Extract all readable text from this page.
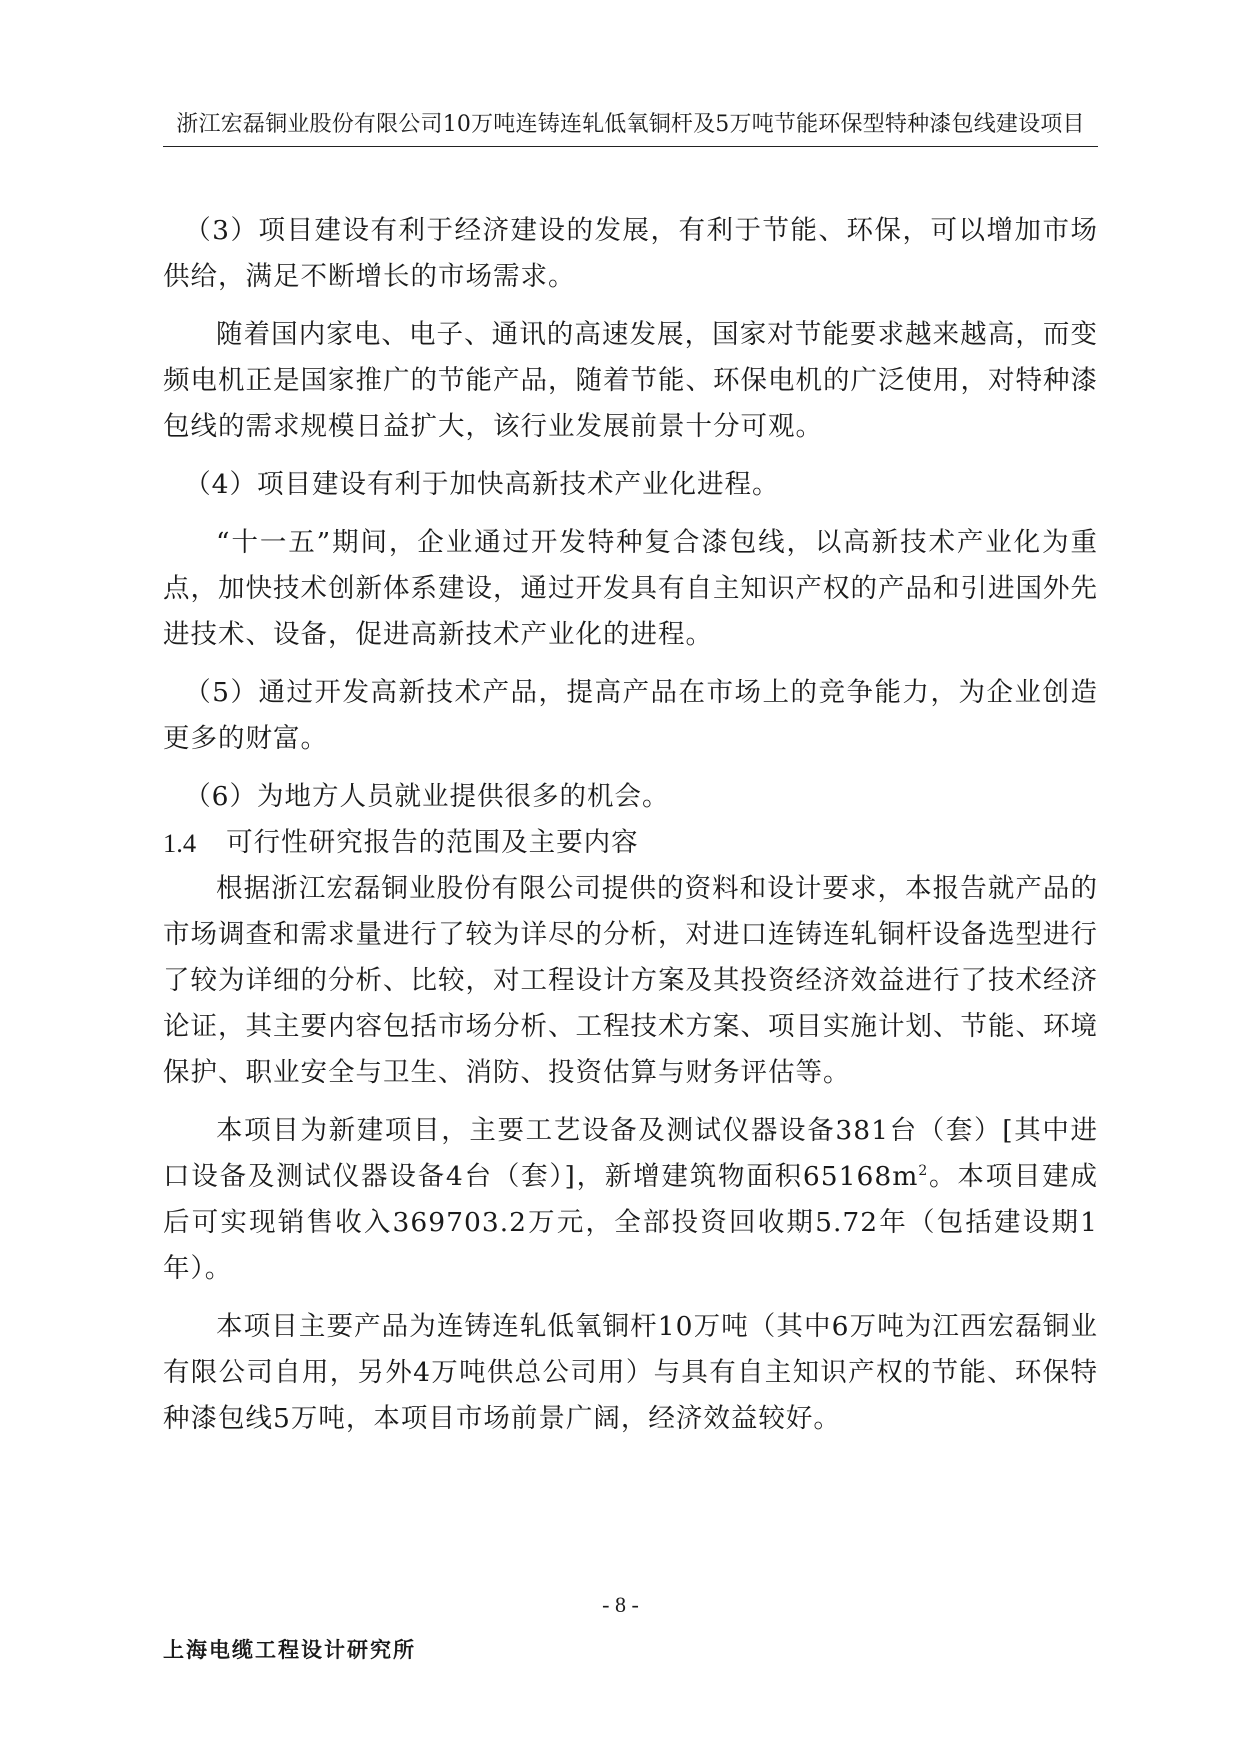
浙江宏磊铜业股份有限公司10万吨连铸连轧低氧铜杆及5万吨节能环保型特种漆包线建设项目
（3）项目建设有利于经济建设的发展，有利于节能、环保，可以增加市场供给，满足不断增长的市场需求。
随着国内家电、电子、通讯的高速发展，国家对节能要求越来越高，而变频电机正是国家推广的节能产品，随着节能、环保电机的广泛使用，对特种漆包线的需求规模日益扩大，该行业发展前景十分可观。
（4）项目建设有利于加快高新技术产业化进程。
“十一五”期间，企业通过开发特种复合漆包线，以高新技术产业化为重点，加快技术创新体系建设，通过开发具有自主知识产权的产品和引进国外先进技术、设备，促进高新技术产业化的进程。
（5）通过开发高新技术产品，提高产品在市场上的竞争能力，为企业创造更多的财富。
（6）为地方人员就业提供很多的机会。
1.4 可行性研究报告的范围及主要内容
根据浙江宏磊铜业股份有限公司提供的资料和设计要求，本报告就产品的市场调查和需求量进行了较为详尽的分析，对进口连铸连轧铜杆设备选型进行了较为详细的分析、比较，对工程设计方案及其投资经济效益进行了技术经济论证，其主要内容包括市场分析、工程技术方案、项目实施计划、节能、环境保护、职业安全与卫生、消防、投资估算与财务评估等。
本项目为新建项目，主要工艺设备及测试仪器设备381台（套）[其中进口设备及测试仪器设备4台（套）]，新增建筑物面积$65168m^2$。本项目建成后可实现销售收入369703.2万元，全部投资回收期5.72年（包括建设期1年）。
本项目主要产品为连铸连轧低氧铜杆10万吨（其中6万吨为江西宏磊铜业有限公司自用，另外4万吨供总公司用）与具有自主知识产权的节能、环保特种漆包线5万吨，本项目市场前景广阔，经济效益较好。
- 8 -
上海电缆工程设计研究所
